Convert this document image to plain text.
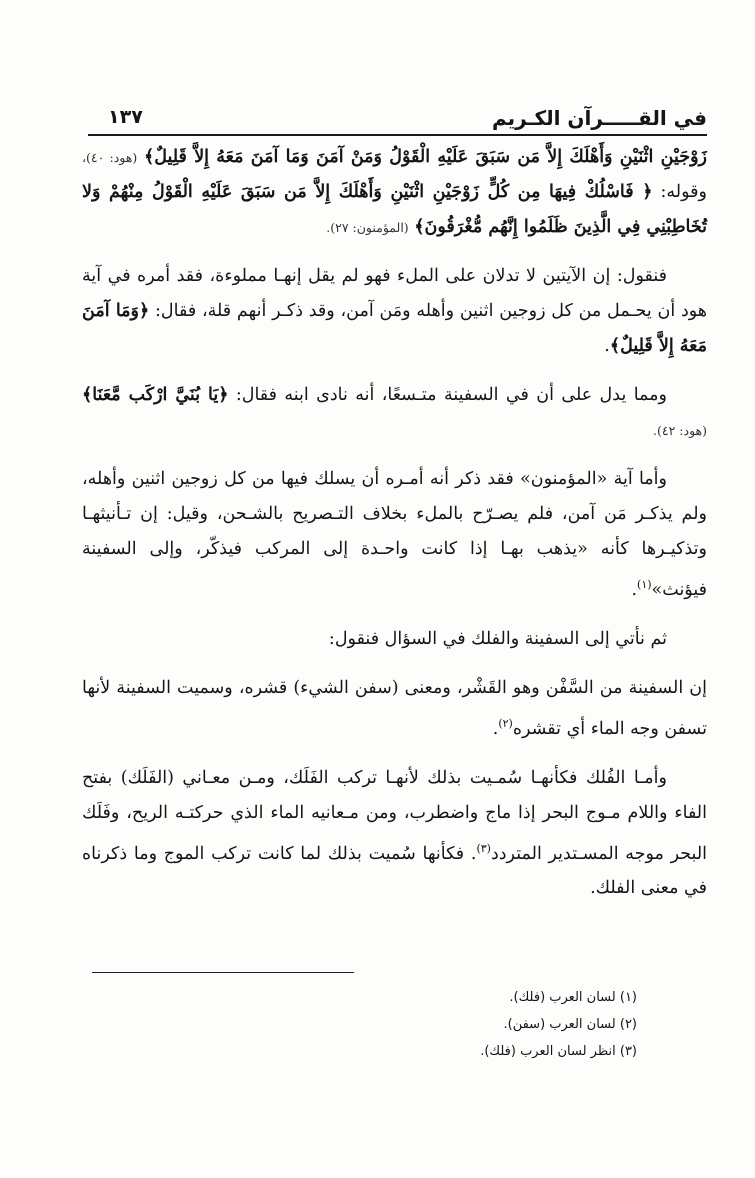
في القـــــرآن الكـريم
١٣٧

زَوْجَيْنِ اثْنَيْنِ وَأَهْلَكَ إِلاَّ مَن سَبَقَ عَلَيْهِ الْقَوْلُ وَمَنْ آمَنَ وَمَا آمَنَ مَعَهُ إِلاَّ قَلِيلٌ﴾ (هود: ٤٠)، وقوله: ﴿ فَاسْلُكْ فِيهَا مِن كُلٍّ زَوْجَيْنِ اثْنَيْنِ وَأَهْلَكَ إِلاَّ مَن سَبَقَ عَلَيْهِ الْقَوْلُ مِنْهُمْ وَلا تُخَاطِبْنِي فِي الَّذِينَ ظَلَمُوا إِنَّهُم مُّغْرَقُونَ﴾ (المؤمنون: ٢٧).

فنقول: إن الآيتين لا تدلان على الملء فهو لم يقل إنهـا مملوءة، فقد أمره في آية هود أن يحـمل من كل زوجين اثنين وأهله ومَن آمن، وقد ذكـر أنهم قلة، فقال: ﴿وَمَا آمَنَ مَعَهُ إِلاَّ قَلِيلٌ﴾.

ومما يدل على أن في السفينة متـسعًا، أنه نادى ابنه فقال: ﴿يَا بُنَيَّ ارْكَب مَّعَنَا﴾ (هود: ٤٢).

وأما آية «المؤمنون» فقد ذكر أنه أمـره أن يسلك فيها من كل زوجين اثنين وأهله، ولم يذكـر مَن آمن، فلم يصـرّح بالملء بخلاف التـصريح بالشـحن، وقيل: إن تـأنيثهـا وتذكيـرها كأنه «يذهب بهـا إذا كانت واحـدة إلى المركب فيذكّر، وإلى السفينة فيؤنث»$^{(١)}$.

ثم نأتي إلى السفينة والفلك في السؤال فنقول:

إن السفينة من السَّفْن وهو القَشْر، ومعنى (سفن الشيء) قشره، وسميت السفينة لأنها تسفن وجه الماء أي تقشره$^{(٢)}$.

وأمـا الفُلك فكأنهـا سُمـيت بذلك لأنهـا تركب الفَلَك، ومـن معـاني (الفَلَك) بفتح الفاء واللام مـوج البحر إذا ماج واضطرب، ومن مـعانيه الماء الذي حركتـه الريح، وفَلَك البحر موجه المسـتدير المتردد$^{(٣)}$. فكأنها سُميت بذلك لما كانت تركب الموج وما ذكرناه في معنى الفلك.

(١) لسان العرب (فلك).
(٢) لسان العرب (سفن).
(٣) انظر لسان العرب (فلك).
